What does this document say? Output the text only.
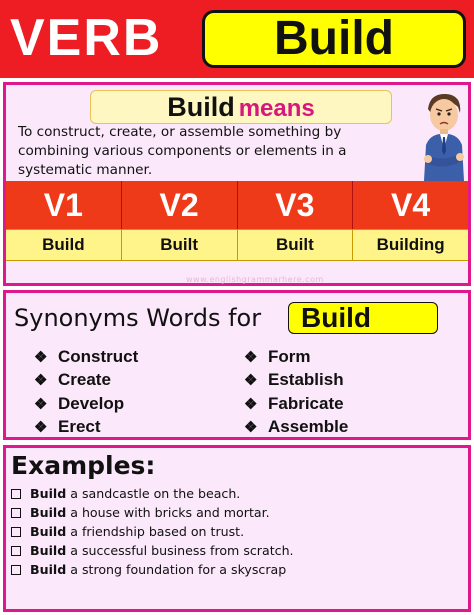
VERB	Build
Build means
To construct, create, or assemble something by combining various components or elements in a systematic manner.
V1	V2	V3	V4
Build	Built	Built	Building
www.englishgrammarhere.com
Synonyms Words for Build
❖ Construct
❖ Create
❖ Develop
❖ Erect
❖ Form
❖ Establish
❖ Fabricate
❖ Assemble
Examples:
Build a sandcastle on the beach.
Build a house with bricks and mortar.
Build a friendship based on trust.
Build a successful business from scratch.
Build a strong foundation for a skyscrap
